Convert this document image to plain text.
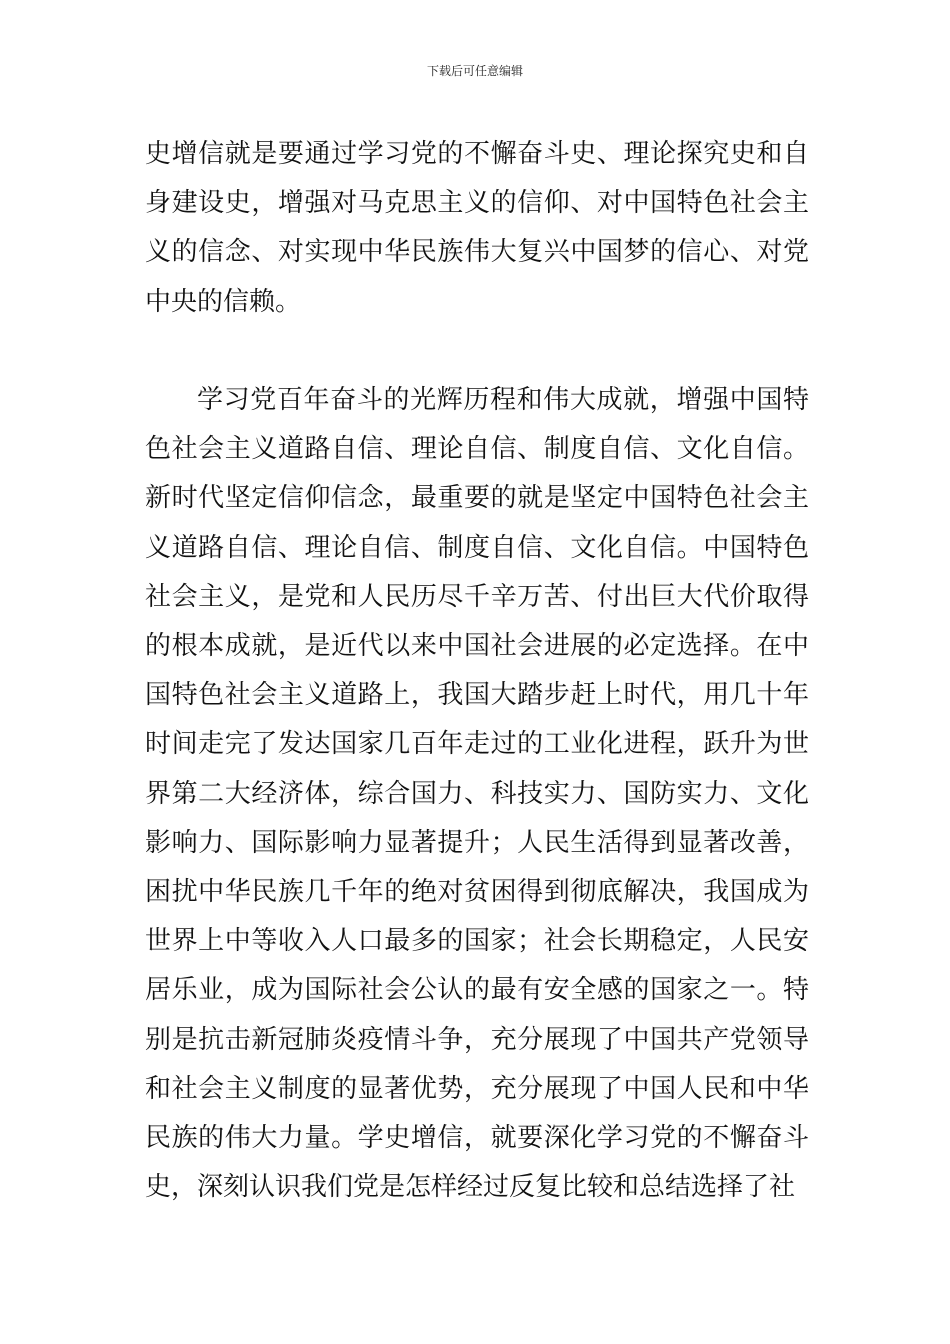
下载后可任意编辑
史增信就是要通过学习党的不懈奋斗史、理论探究史和自身建设史，增强对马克思主义的信仰、对中国特色社会主义的信念、对实现中华民族伟大复兴中国梦的信心、对党中央的信赖。
学习党百年奋斗的光辉历程和伟大成就，增强中国特色社会主义道路自信、理论自信、制度自信、文化自信。新时代坚定信仰信念，最重要的就是坚定中国特色社会主义道路自信、理论自信、制度自信、文化自信。中国特色社会主义，是党和人民历尽千辛万苦、付出巨大代价取得的根本成就，是近代以来中国社会进展的必定选择。在中国特色社会主义道路上，我国大踏步赶上时代，用几十年时间走完了发达国家几百年走过的工业化进程，跃升为世界第二大经济体，综合国力、科技实力、国防实力、文化影响力、国际影响力显著提升；人民生活得到显著改善，困扰中华民族几千年的绝对贫困得到彻底解决，我国成为世界上中等收入人口最多的国家；社会长期稳定，人民安居乐业，成为国际社会公认的最有安全感的国家之一。特别是抗击新冠肺炎疫情斗争，充分展现了中国共产党领导和社会主义制度的显著优势，充分展现了中国人民和中华民族的伟大力量。学史增信，就要深化学习党的不懈奋斗史，深刻认识我们党是怎样经过反复比较和总结选择了社
